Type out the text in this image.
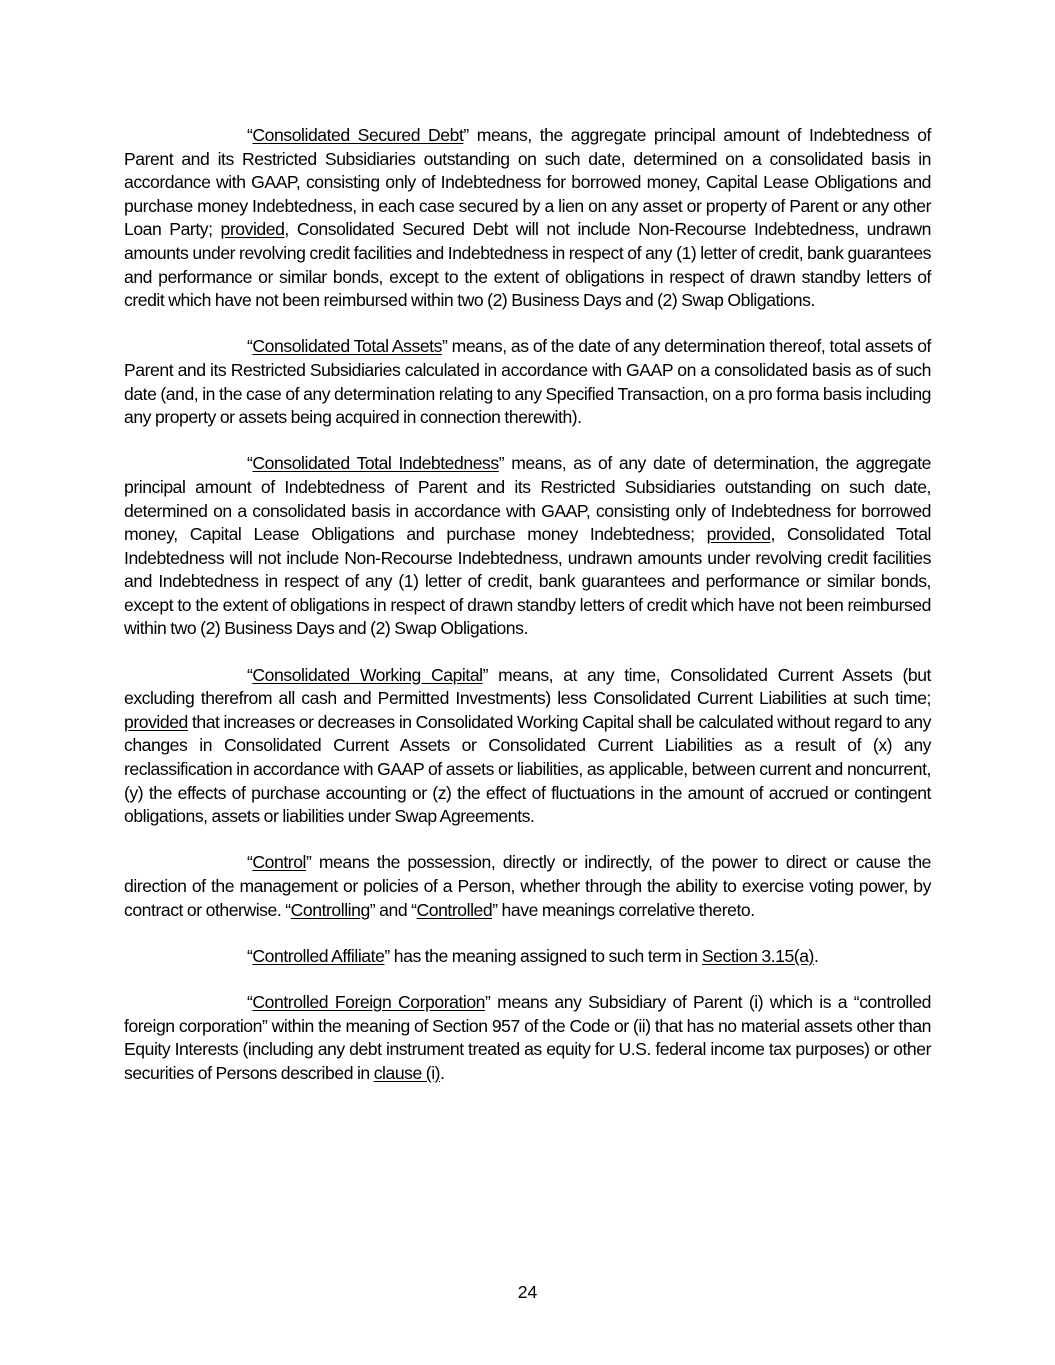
“Consolidated Secured Debt” means, the aggregate principal amount of Indebtedness of Parent and its Restricted Subsidiaries outstanding on such date, determined on a consolidated basis in accordance with GAAP, consisting only of Indebtedness for borrowed money, Capital Lease Obligations and purchase money Indebtedness, in each case secured by a lien on any asset or property of Parent or any other Loan Party; provided, Consolidated Secured Debt will not include Non-Recourse Indebtedness, undrawn amounts under revolving credit facilities and Indebtedness in respect of any (1) letter of credit, bank guarantees and performance or similar bonds, except to the extent of obligations in respect of drawn standby letters of credit which have not been reimbursed within two (2) Business Days and (2) Swap Obligations.

“Consolidated Total Assets” means, as of the date of any determination thereof, total assets of Parent and its Restricted Subsidiaries calculated in accordance with GAAP on a consolidated basis as of such date (and, in the case of any determination relating to any Specified Transaction, on a pro forma basis including any property or assets being acquired in connection therewith).

“Consolidated Total Indebtedness” means, as of any date of determination, the aggregate principal amount of Indebtedness of Parent and its Restricted Subsidiaries outstanding on such date, determined on a consolidated basis in accordance with GAAP, consisting only of Indebtedness for borrowed money, Capital Lease Obligations and purchase money Indebtedness; provided, Consolidated Total Indebtedness will not include Non-Recourse Indebtedness, undrawn amounts under revolving credit facilities and Indebtedness in respect of any (1) letter of credit, bank guarantees and performance or similar bonds, except to the extent of obligations in respect of drawn standby letters of credit which have not been reimbursed within two (2) Business Days and (2) Swap Obligations.

“Consolidated Working Capital” means, at any time, Consolidated Current Assets (but excluding therefrom all cash and Permitted Investments) less Consolidated Current Liabilities at such time; provided that increases or decreases in Consolidated Working Capital shall be calculated without regard to any changes in Consolidated Current Assets or Consolidated Current Liabilities as a result of (x) any reclassification in accordance with GAAP of assets or liabilities, as applicable, between current and noncurrent, (y) the effects of purchase accounting or (z) the effect of fluctuations in the amount of accrued or contingent obligations, assets or liabilities under Swap Agreements.

“Control” means the possession, directly or indirectly, of the power to direct or cause the direction of the management or policies of a Person, whether through the ability to exercise voting power, by contract or otherwise. “Controlling” and “Controlled” have meanings correlative thereto.

“Controlled Affiliate” has the meaning assigned to such term in Section 3.15(a).

“Controlled Foreign Corporation” means any Subsidiary of Parent (i) which is a “controlled foreign corporation” within the meaning of Section 957 of the Code or (ii) that has no material assets other than Equity Interests (including any debt instrument treated as equity for U.S. federal income tax purposes) or other securities of Persons described in clause (i).

24
